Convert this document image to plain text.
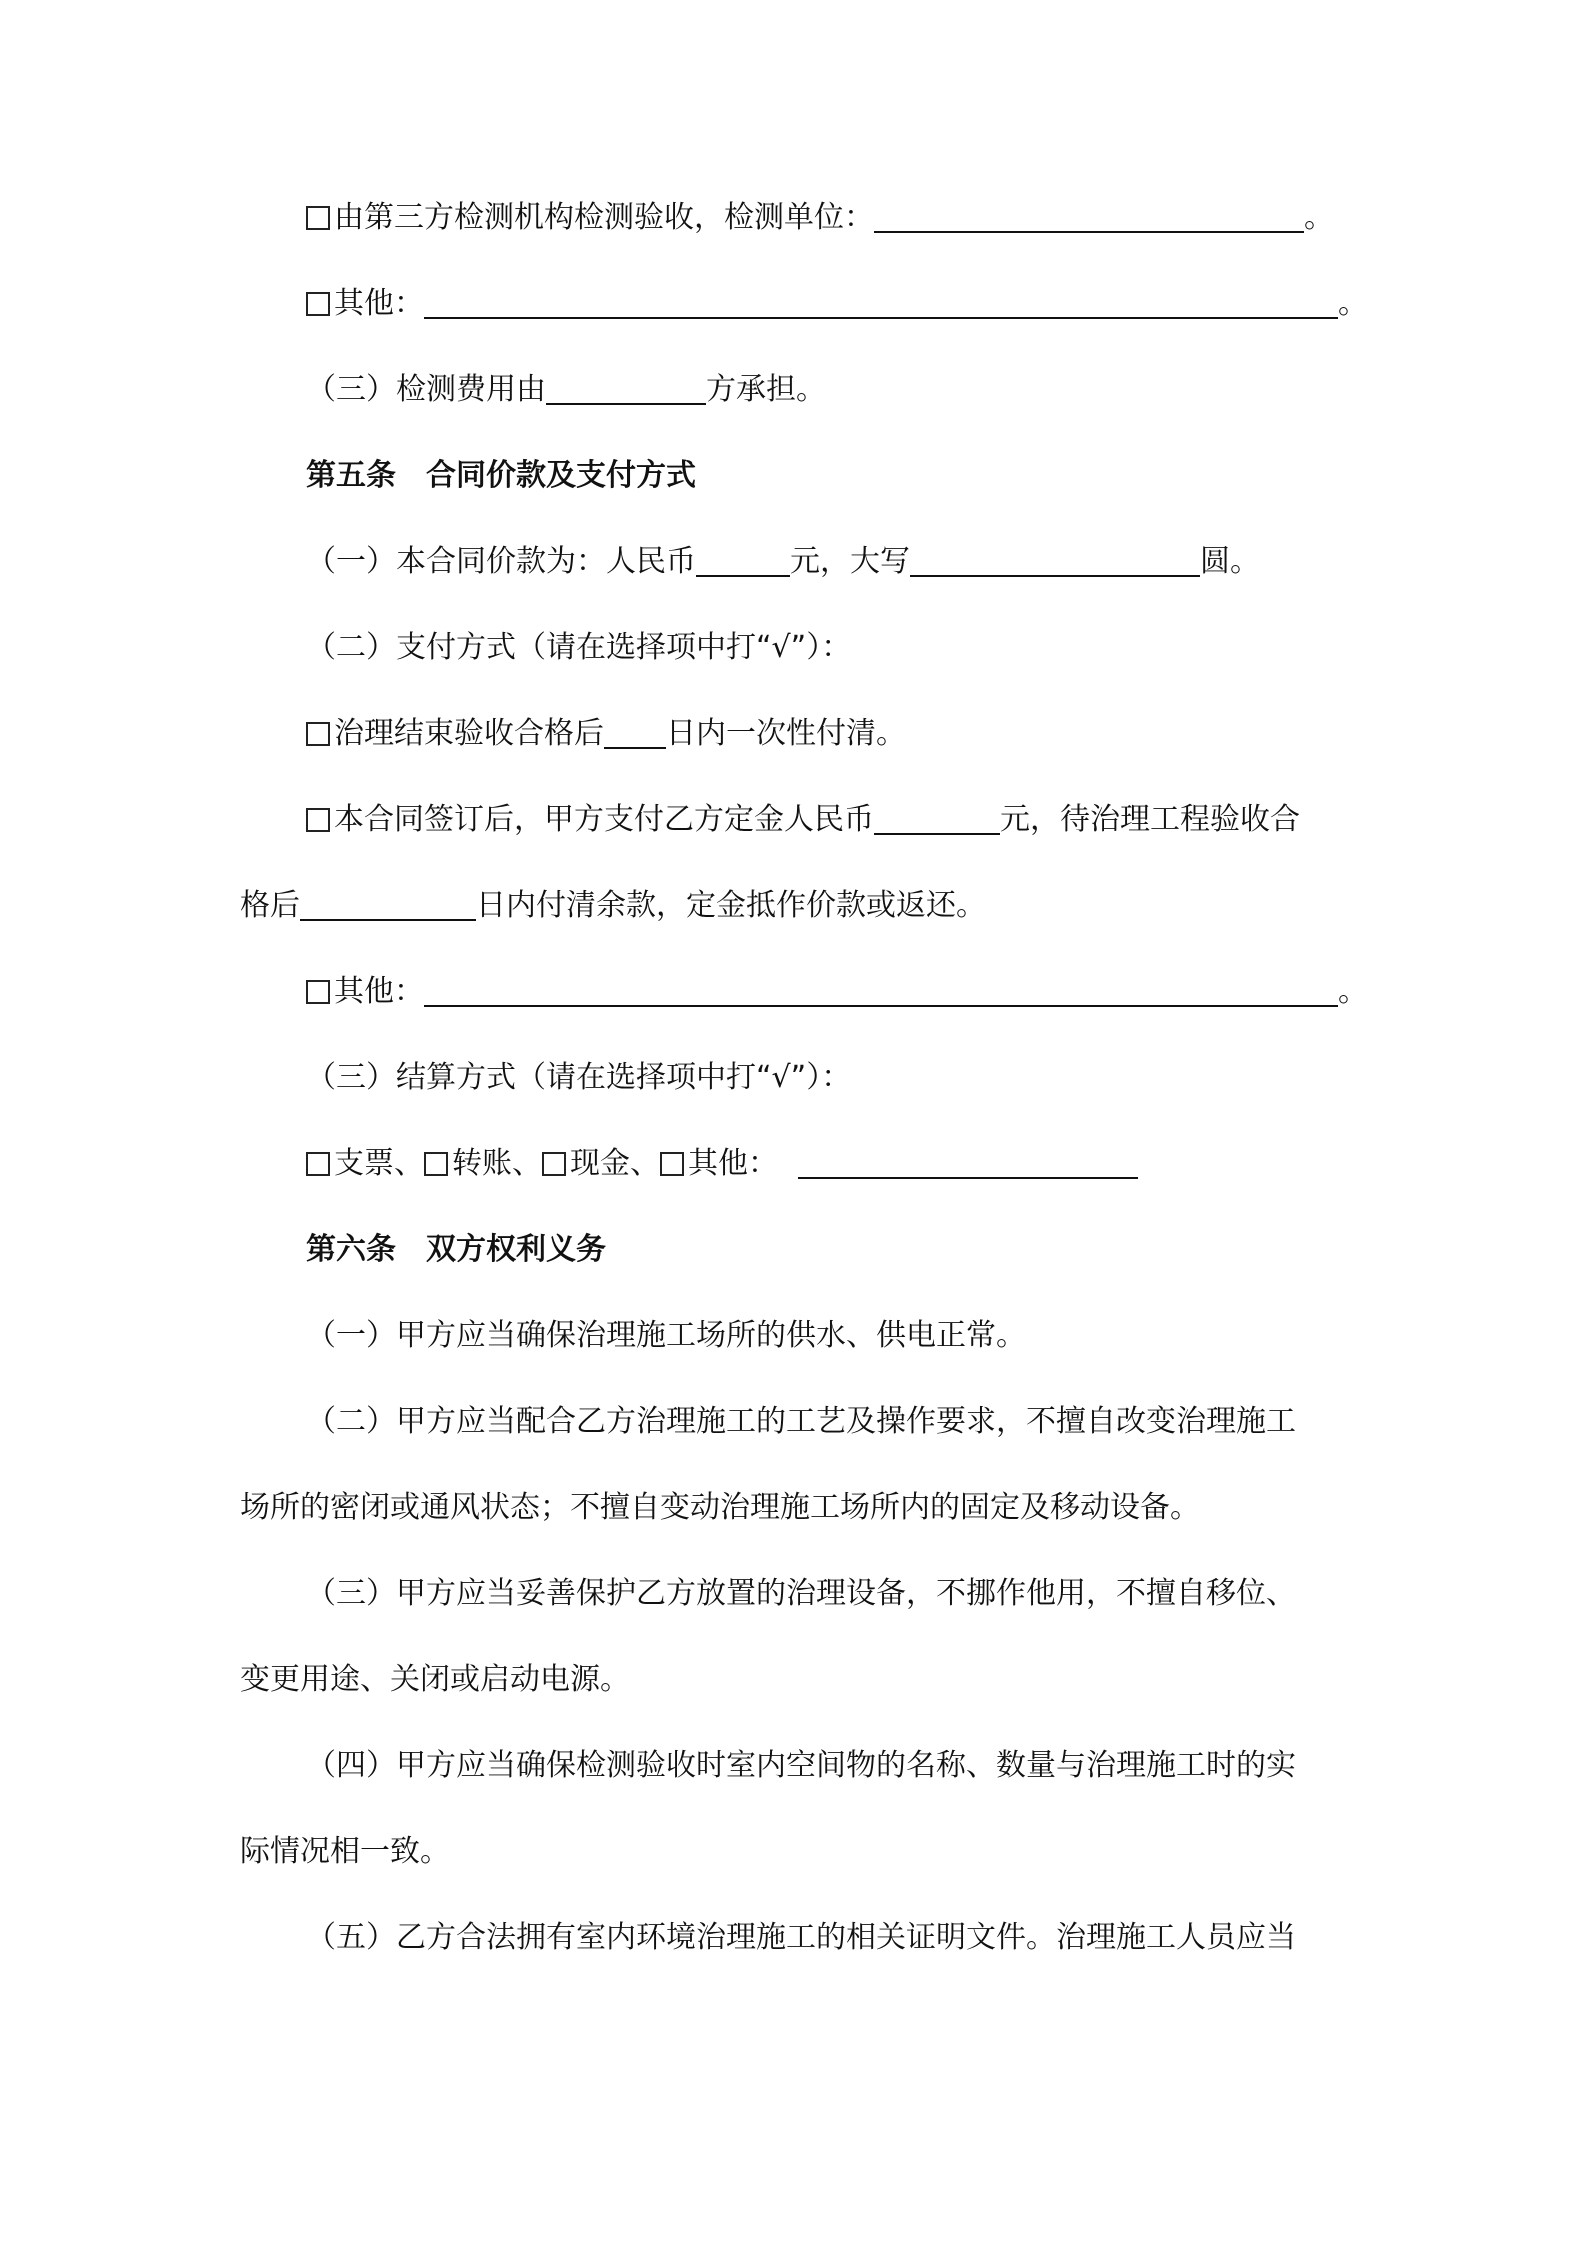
由第三方检测机构检测验收，检测单位：	。
其他：	。
（三）检测费用由	方承担。
第五条　合同价款及支付方式
（一）本合同价款为：人民币	元，大写	圆。
（二）支付方式（请在选择项中打“√”）：
治理结束验收合格后 日内一次性付清。
本合同签订后，甲方支付乙方定金人民币	元，待治理工程验收合
格后	日内付清余款，定金抵作价款或返还。
其他：	。
（三）结算方式（请在选择项中打“√”）：
支票、 转账、 现金、 其他：
第六条　双方权利义务
（一）甲方应当确保治理施工场所的供水、供电正常。
（二）甲方应当配合乙方治理施工的工艺及操作要求，不擅自改变治理施工
场所的密闭或通风状态；不擅自变动治理施工场所内的固定及移动设备。
（三）甲方应当妥善保护乙方放置的治理设备，不挪作他用，不擅自移位、
变更用途、关闭或启动电源。
（四）甲方应当确保检测验收时室内空间物的名称、数量与治理施工时的实
际情况相一致。
（五）乙方合法拥有室内环境治理施工的相关证明文件。治理施工人员应当
